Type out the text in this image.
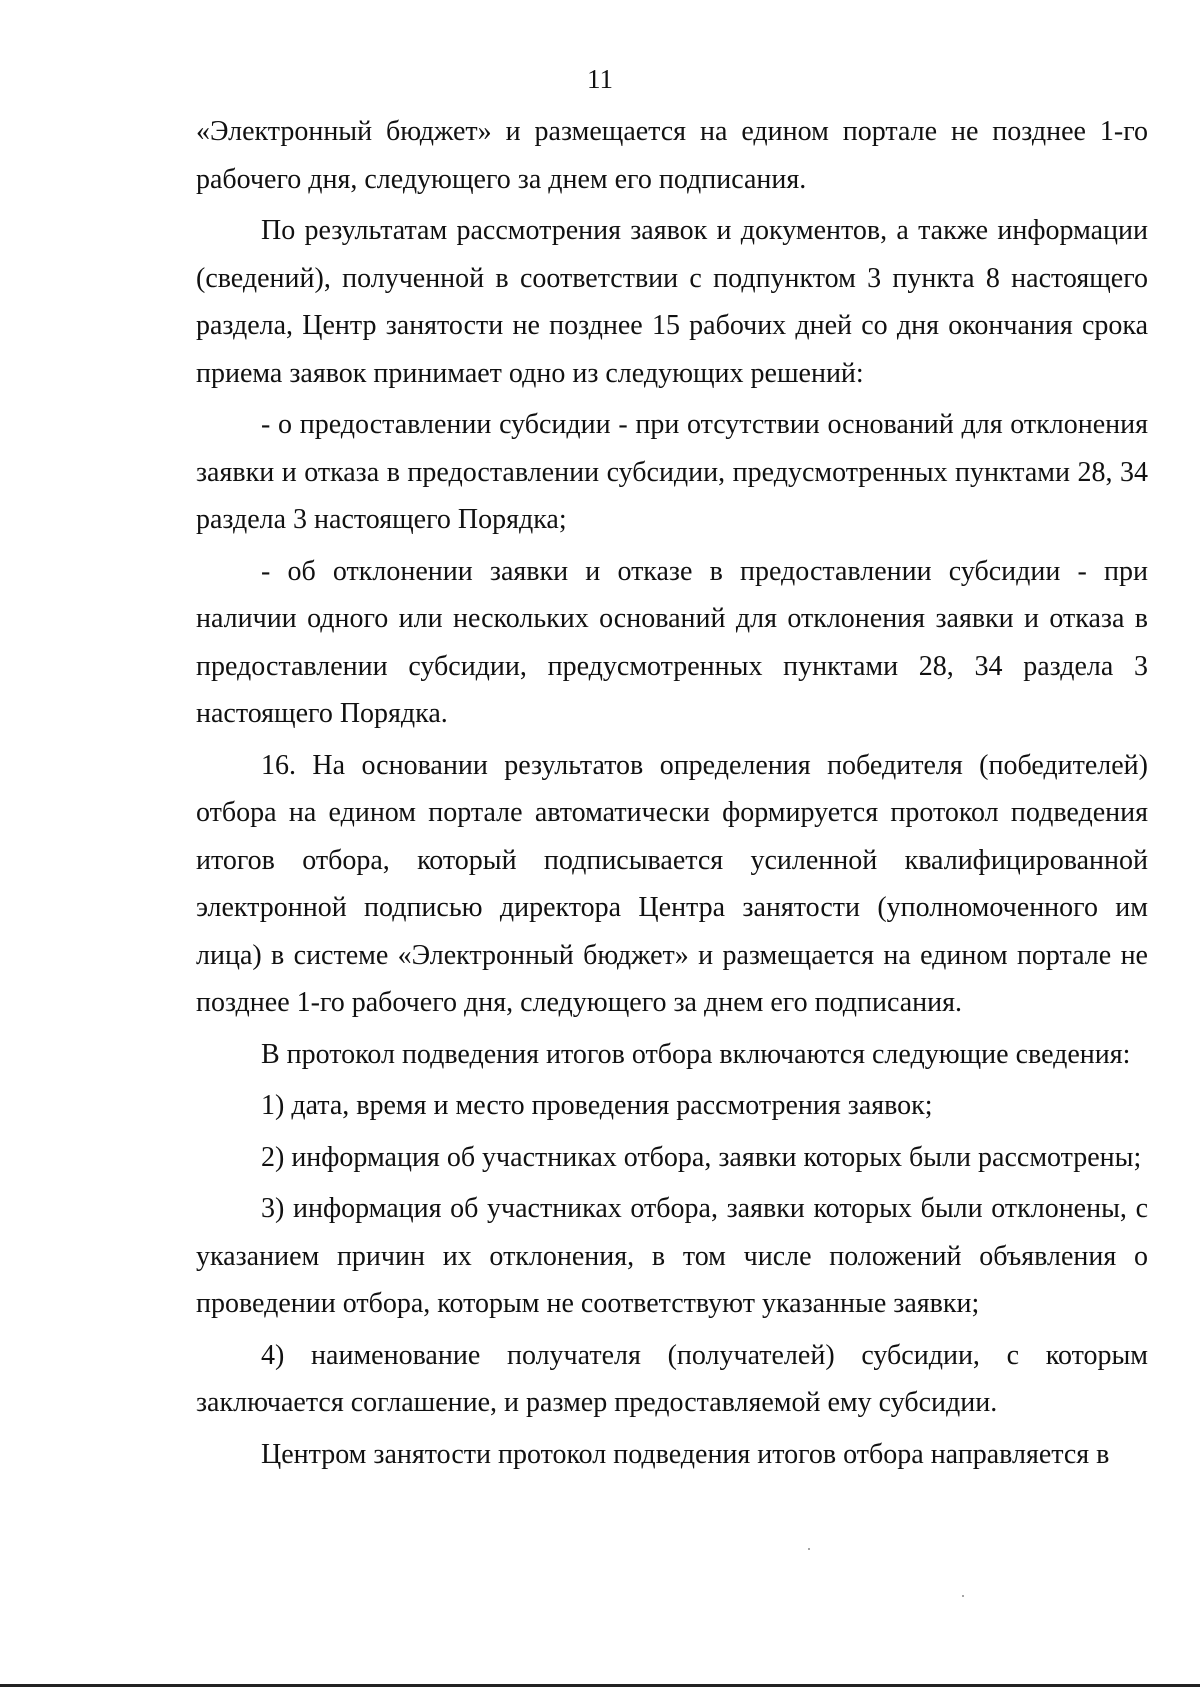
11

«Электронный бюджет» и размещается на едином портале не позднее 1-го рабочего дня, следующего за днем его подписания.

По результатам рассмотрения заявок и документов, а также информации (сведений), полученной в соответствии с подпунктом 3 пункта 8 настоящего раздела, Центр занятости не позднее 15 рабочих дней со дня окончания срока приема заявок принимает одно из следующих решений:

- о предоставлении субсидии - при отсутствии оснований для отклонения заявки и отказа в предоставлении субсидии, предусмотренных пунктами 28, 34 раздела 3 настоящего Порядка;

- об отклонении заявки и отказе в предоставлении субсидии - при наличии одного или нескольких оснований для отклонения заявки и отказа в предоставлении субсидии, предусмотренных пунктами 28, 34 раздела 3 настоящего Порядка.

16. На основании результатов определения победителя (победителей) отбора на едином портале автоматически формируется протокол подведения итогов отбора, который подписывается усиленной квалифицированной электронной подписью директора Центра занятости (уполномоченного им лица) в системе «Электронный бюджет» и размещается на едином портале не позднее 1-го рабочего дня, следующего за днем его подписания.

В протокол подведения итогов отбора включаются следующие сведения:

1) дата, время и место проведения рассмотрения заявок;

2) информация об участниках отбора, заявки которых были рассмотрены;

3) информация об участниках отбора, заявки которых были отклонены, с указанием причин их отклонения, в том числе положений объявления о проведении отбора, которым не соответствуют указанные заявки;

4) наименование получателя (получателей) субсидии, с которым заключается соглашение, и размер предоставляемой ему субсидии.

Центром занятости протокол подведения итогов отбора направляется в
